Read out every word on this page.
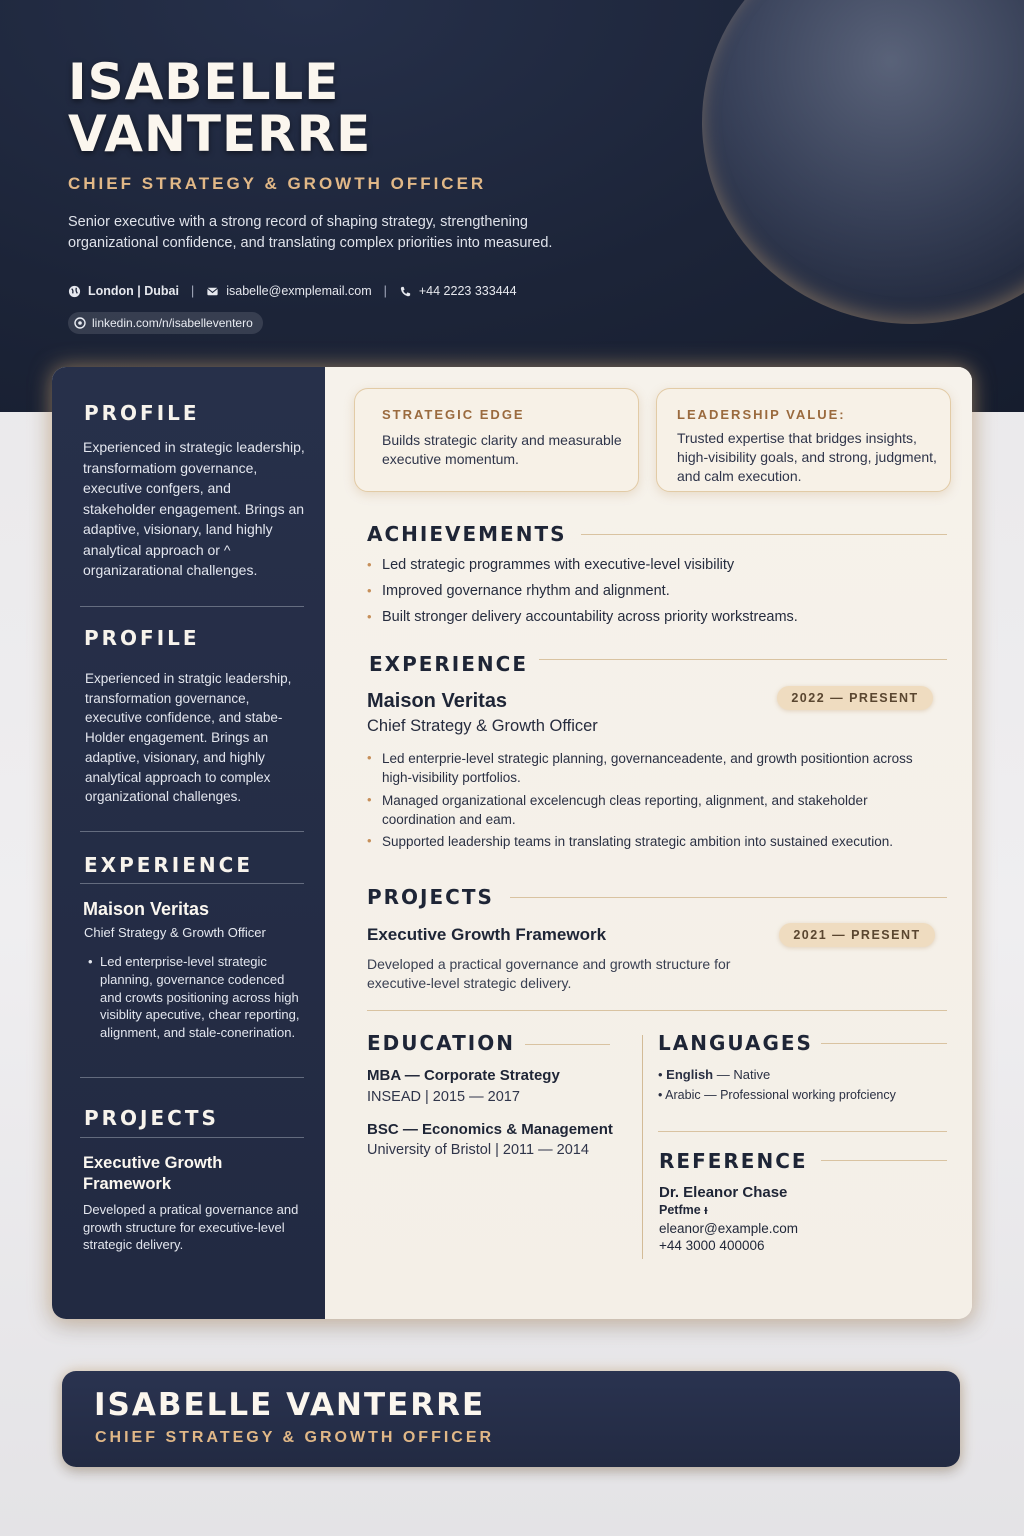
ISABELLE
VANTERRE
CHIEF STRATEGY & GROWTH OFFICER

Senior executive with a strong record of shaping strategy, strengthening organizational confidence, and translating complex priorities into measured.

London | Dubai |	isabelle@exmplemail.com |	+44 2223 333444
linkedin.com/n/isabelleventero
PROFILE

Experienced in strategic leadership, transformatiom governance, executive confgers, and stakeholder engagement. Brings an adaptive, visionary, land highly analytical approach or ^ organizarational challenges.

PROFILE

Experienced in stratgic leadership, transformation governance, executive confidence, and stabe- Holder engagement. Brings an adaptive, visionary, and highly analytical approach to complex organizational challenges.

EXPERIENCE
Maison Veritas
Chief Strategy & Growth Officer
• Led enterprise-level strategic planning, governance codenced and crowts positioning across high visiblity apecutive, chear reporting, alignment, and stale-conerination.
PROJECTS
Executive Growth Framework

Developed a pratical governance and growth structure for executive-level strategic delivery.

STRATEGIC EDGE
Builds strategic clarity and measurable executive momentum.
LEADERSHIP VALUE:
Trusted expertise that bridges insights, high-visibility goals, and strong, judgment, and calm execution.
ACHIEVEMENTS
• Led strategic programmes with executive-level visibility
• Improved governance rhythm and alignment.
• Built stronger delivery accountability across priority workstreams.
EXPERIENCE
Maison Veritas	2022 — PRESENT
Chief Strategy & Growth Officer
• Led enterprie-level strategic planning, governanceadente, and growth positiontion across high-visibility portfolios.
• Managed organizational excelencugh cleas reporting, alignment, and stakeholder coordination and eam.
• Supported leadership teams in translating strategic ambition into sustained execution.
PROJECTS
Executive Growth Framework	2021 — PRESENT
Developed a practical governance and growth structure for executive-level strategic delivery.
EDUCATION
MBA — Corporate Strategy
INSEAD | 2015 — 2017
BSC — Economics & Management
University of Bristol | 2011 — 2014
LANGUAGES
• English — Native
• Arabic — Professional working profciency
REFERENCE
Dr. Eleanor Chase
Petfme ᵻ
eleanor@example.com
+44 3000 400006
ISABELLE VANTERRE
CHIEF STRATEGY & GROWTH OFFICER
